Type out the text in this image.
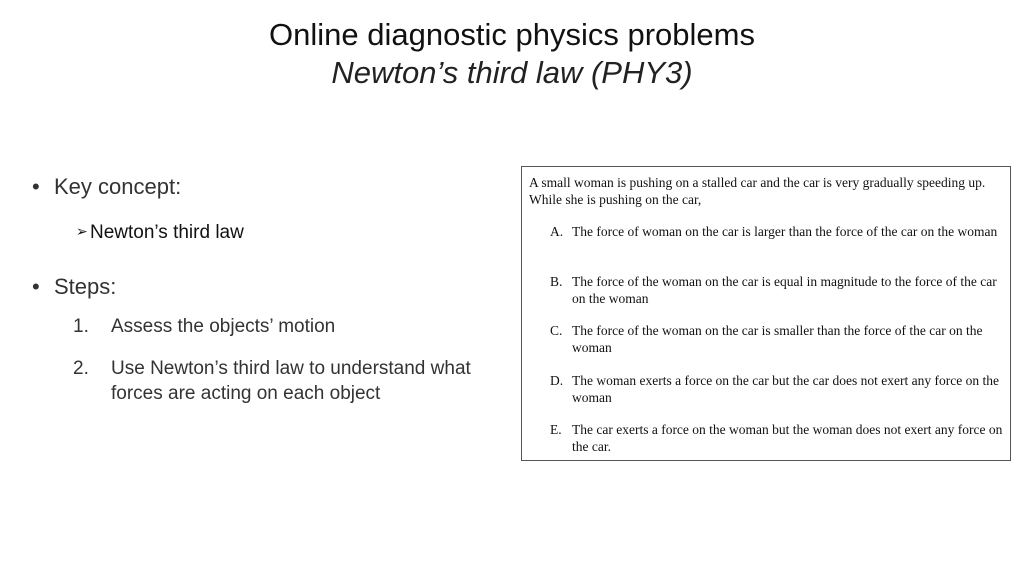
Online diagnostic physics problems
Newton’s third law (PHY3)
• Key concept:
➢ Newton’s third law
• Steps:
1. Assess the objects’ motion
2. Use Newton’s third law to understand what forces are acting on each object
A small woman is pushing on a stalled car and the car is very gradually speeding up. While she is pushing on the car,
A. The force of woman on the car is larger than the force of the car on the woman
B. The force of the woman on the car is equal in magnitude to the force of the car on the woman
C. The force of the woman on the car is smaller than the force of the car on the woman
D. The woman exerts a force on the car but the car does not exert any force on the woman
E. The car exerts a force on the woman but the woman does not exert any force on the car.
